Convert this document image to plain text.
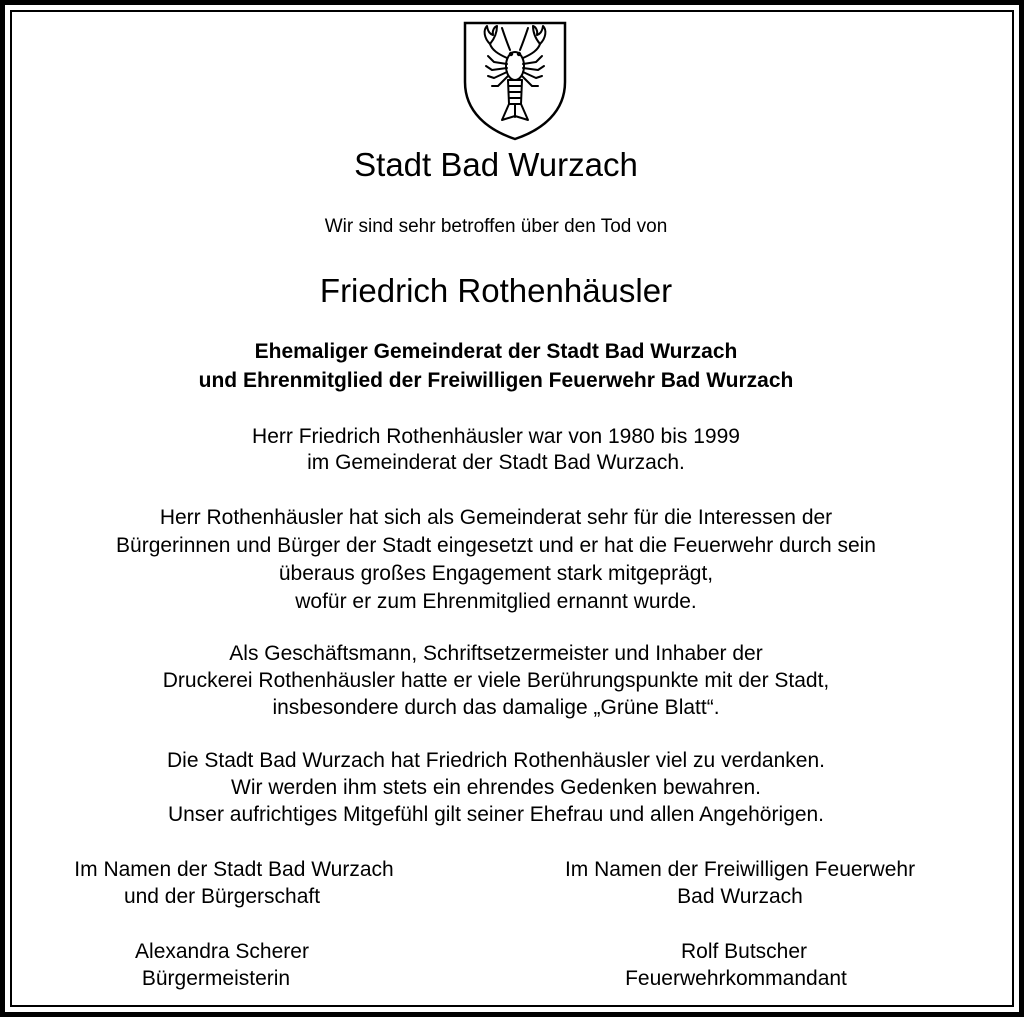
Stadt Bad Wurzach
Wir sind sehr betroffen über den Tod von
Friedrich Rothenhäusler
Ehemaliger Gemeinderat der Stadt Bad Wurzach
und Ehrenmitglied der Freiwilligen Feuerwehr Bad Wurzach
Herr Friedrich Rothenhäusler war von 1980 bis 1999
im Gemeinderat der Stadt Bad Wurzach.
Herr Rothenhäusler hat sich als Gemeinderat sehr für die Interessen der
Bürgerinnen und Bürger der Stadt eingesetzt und er hat die Feuerwehr durch sein
überaus großes Engagement stark mitgeprägt,
wofür er zum Ehrenmitglied ernannt wurde.
Als Geschäftsmann, Schriftsetzermeister und Inhaber der
Druckerei Rothenhäusler hatte er viele Berührungspunkte mit der Stadt,
insbesondere durch das damalige „Grüne Blatt“.
Die Stadt Bad Wurzach hat Friedrich Rothenhäusler viel zu verdanken.
Wir werden ihm stets ein ehrendes Gedenken bewahren.
Unser aufrichtiges Mitgefühl gilt seiner Ehefrau und allen Angehörigen.
Im Namen der Stadt Bad Wurzach
und der Bürgerschaft
Alexandra Scherer
Bürgermeisterin
Im Namen der Freiwilligen Feuerwehr
Bad Wurzach
Rolf Butscher
Feuerwehrkommandant
